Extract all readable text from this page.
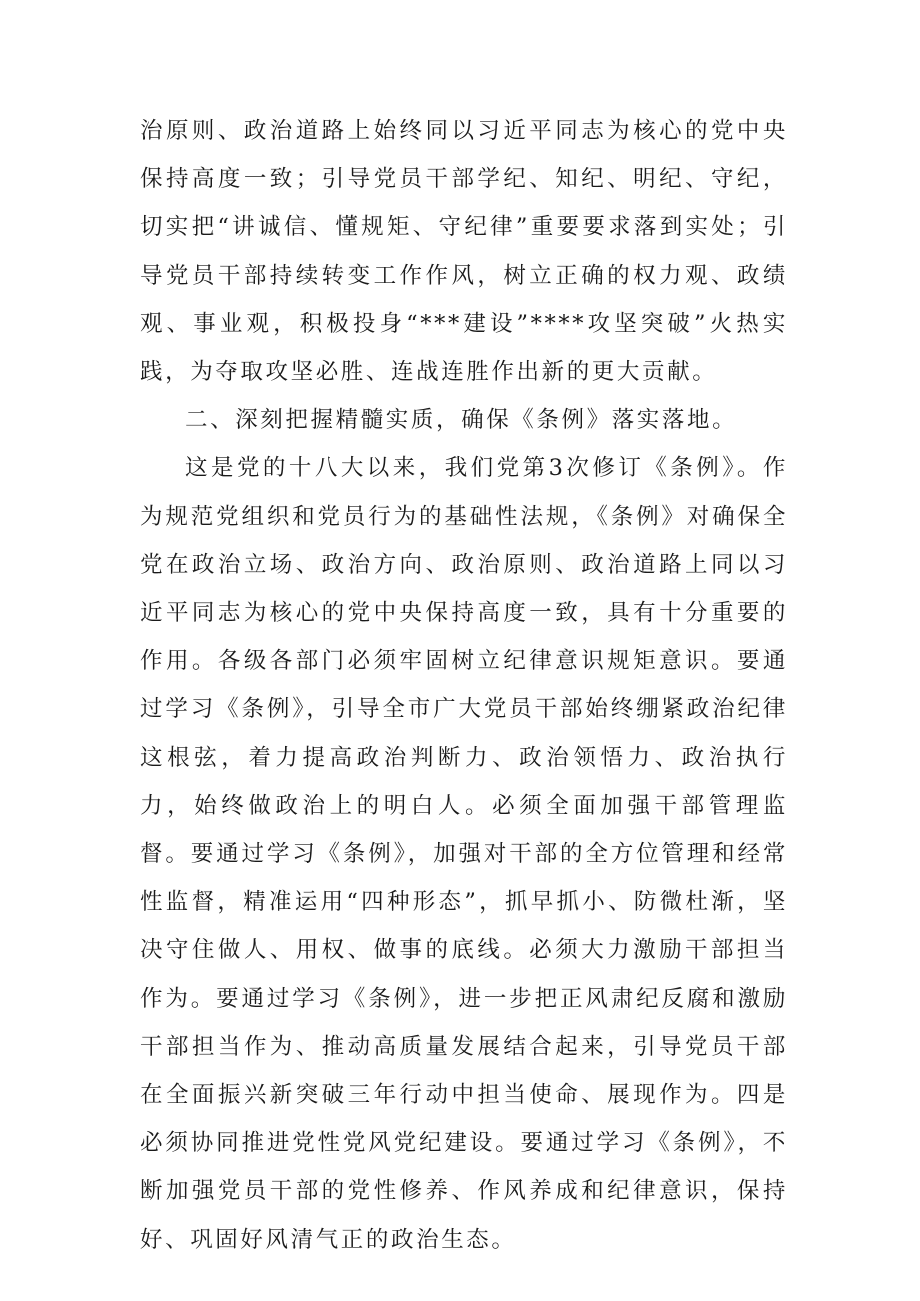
治原则、政治道路上始终同以习近平同志为核心的党中央保持高度一致；引导党员干部学纪、知纪、明纪、守纪，切实把“讲诚信、懂规矩、守纪律”重要要求落到实处；引导党员干部持续转变工作作风，树立正确的权力观、政绩观、事业观，积极投身“***建设”****攻坚突破”火热实践，为夺取攻坚必胜、连战连胜作出新的更大贡献。

二、深刻把握精髓实质，确保《条例》落实落地。

这是党的十八大以来，我们党第3次修订《条例》。作为规范党组织和党员行为的基础性法规，《条例》对确保全党在政治立场、政治方向、政治原则、政治道路上同以习近平同志为核心的党中央保持高度一致，具有十分重要的作用。各级各部门必须牢固树立纪律意识规矩意识。要通过学习《条例》，引导全市广大党员干部始终绷紧政治纪律这根弦，着力提高政治判断力、政治领悟力、政治执行力，始终做政治上的明白人。必须全面加强干部管理监督。要通过学习《条例》，加强对干部的全方位管理和经常性监督，精准运用“四种形态”，抓早抓小、防微杜渐，坚决守住做人、用权、做事的底线。必须大力激励干部担当作为。要通过学习《条例》，进一步把正风肃纪反腐和激励干部担当作为、推动高质量发展结合起来，引导党员干部在全面振兴新突破三年行动中担当使命、展现作为。四是必须协同推进党性党风党纪建设。要通过学习《条例》，不断加强党员干部的党性修养、作风养成和纪律意识，保持好、巩固好风清气正的政治生态。
